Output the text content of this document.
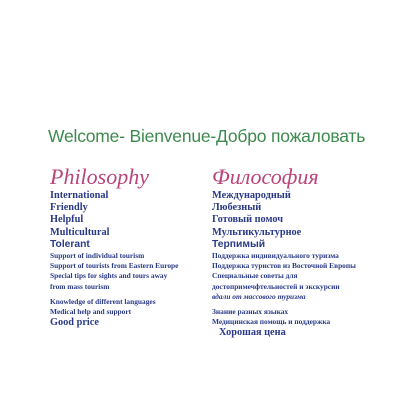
Welcome- Bienvenue-Добро пожаловать
Philosophy
International
Friendly
Helpful
Multicultural
Tolerant
Support of individual tourism
Support of tourists from Eastern Europe
Special tips for sights and tours away
from mass tourism
Knowledge of different languages
Medical help and support
Good price
Философия
Международный
Любезный
Готовый помоч
Мультикультурное
Терпимый
Поддержка индивидуального туризма
Поддержка туристов из Восточной Европы
Специальные советы для
достопримечфтельностей и экскурсии
вдали от массового туризма
Знание разных языках
Медицинская помощь и поддержка
Хорошая цена
